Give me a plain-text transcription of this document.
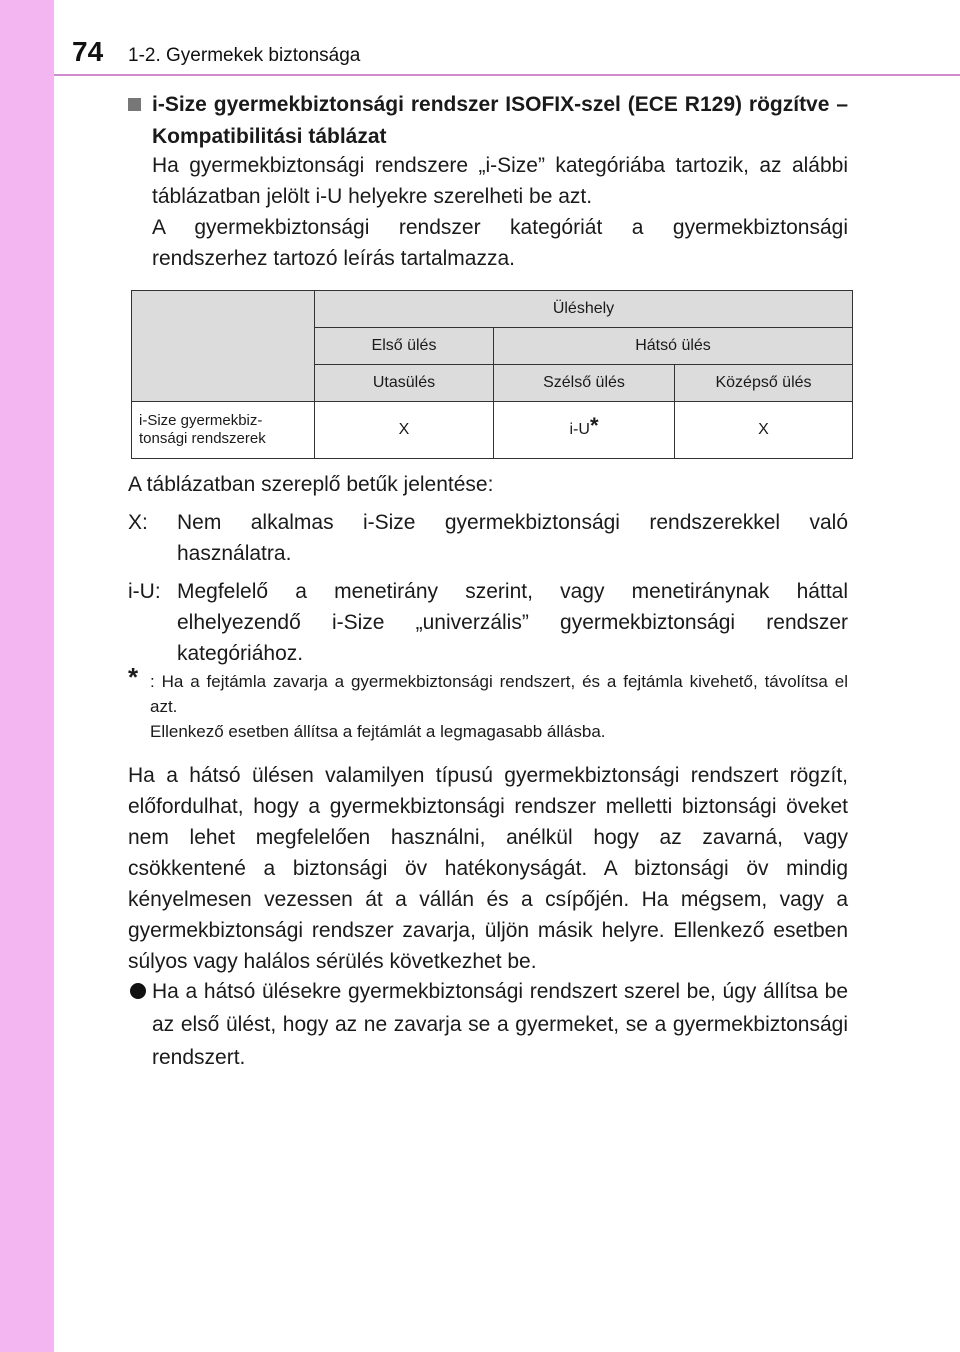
74 1-2. Gyermekek biztonsága

i-Size gyermekbiztonsági rendszer ISOFIX-szel (ECE R129) rögzítve – Kompatibilitási táblázat

Ha gyermekbiztonsági rendszere „i-Size” kategóriába tartozik, az alábbi táblázatban jelölt i-U helyekre szerelheti be azt.

A gyermekbiztonsági rendszer kategóriát a gyermekbiztonsági rendszerhez tartozó leírás tartalmazza.

	Üléshely		
	Első ülés	Hátsó ülés	
	Utasülés	Szélső ülés	Középső ülés
i-Size gyermekbiz-
tonsági rendszerek	X	i-U*	X
A táblázatban szereplő betűk jelentése:
X: Nem alkalmas i-Size gyermekbiztonsági rendszerekkel való használatra.
i-U: Megfelelő a menetirány szerint, vagy menetiránynak háttal elhelyezendő i-Size „univerzális” gyermekbiztonsági rendszer kategóriához.
* : Ha a fejtámla zavarja a gyermekbiztonsági rendszert, és a fejtámla kivehető, távolítsa el azt.

Ellenkező esetben állítsa a fejtámlát a legmagasabb állásba.

Ha a hátsó ülésen valamilyen típusú gyermekbiztonsági rendszert rögzít, előfordulhat, hogy a gyermekbiztonsági rendszer melletti biztonsági öveket nem lehet megfelelően használni, anélkül hogy az zavarná, vagy csökkentené a biztonsági öv hatékonyságát. A biztonsági öv mindig kényelmesen vezessen át a vállán és a csípőjén. Ha mégsem, vagy a gyermekbiztonsági rendszer zavarja, üljön másik helyre. Ellenkező esetben súlyos vagy halálos sérülés következhet be.

Ha a hátsó ülésekre gyermekbiztonsági rendszert szerel be, úgy állítsa be az első ülést, hogy az ne zavarja se a gyermeket, se a gyermekbiztonsági rendszert.
